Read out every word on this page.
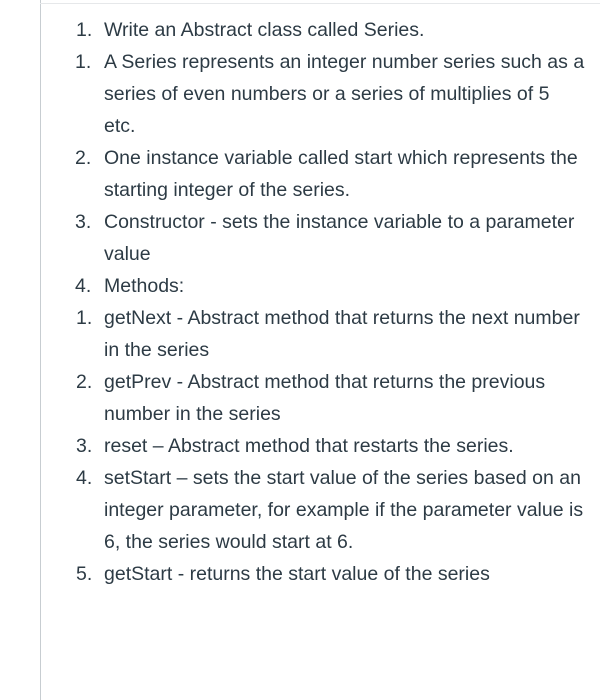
1. Write an Abstract class called Series.
1. A Series represents an integer number series such as a series of even numbers or a series of multiplies of 5 etc.
2. One instance variable called start which represents the starting integer of the series.
3. Constructor - sets the instance variable to a parameter value
4. Methods:
1. getNext - Abstract method that returns the next number in the series
2. getPrev - Abstract method that returns the previous number in the series
3. reset – Abstract method that restarts the series.
4. setStart – sets the start value of the series based on an integer parameter, for example if the parameter value is 6, the series would start at 6.
5. getStart - returns the start value of the series
